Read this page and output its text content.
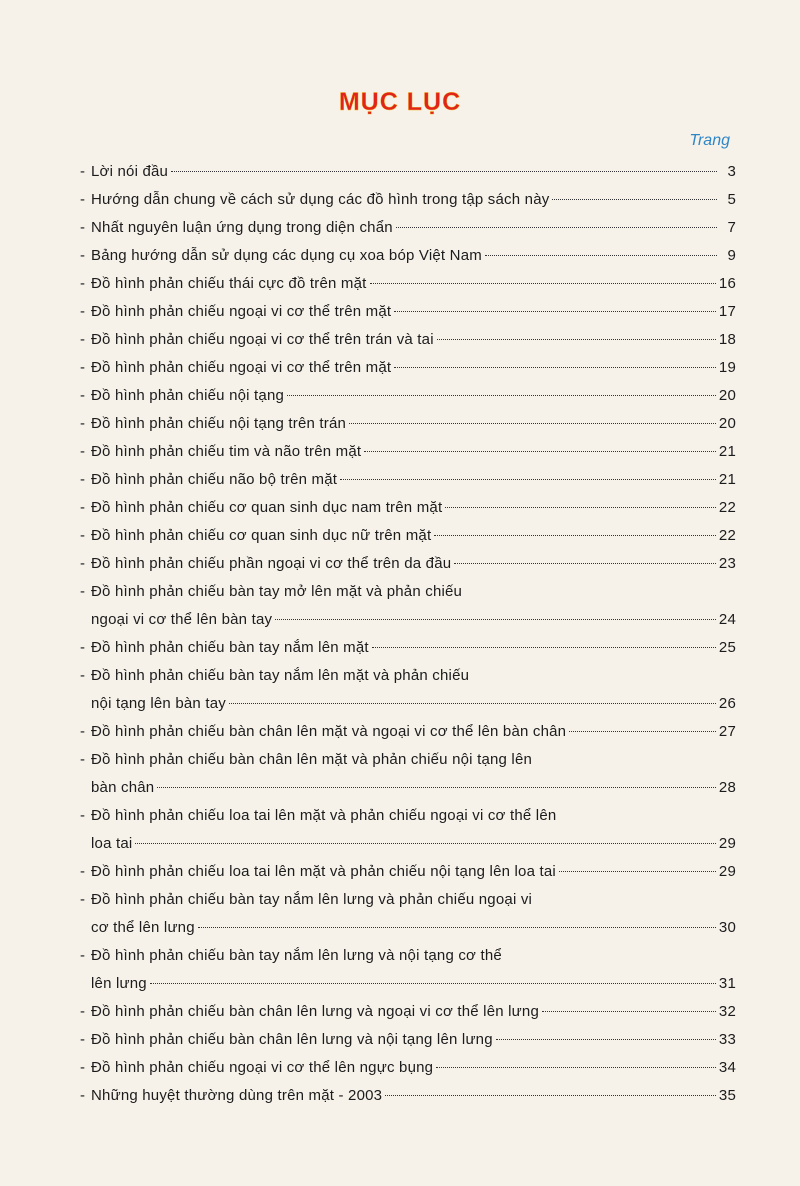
MỤC LỤC
Trang
- Lời nói đầu	3
- Hướng dẫn chung về cách sử dụng các đồ hình trong tập sách này	5
- Nhất nguyên luận ứng dụng trong diện chẩn	7
- Bảng hướng dẫn sử dụng các dụng cụ xoa bóp Việt Nam	9
- Đồ hình phản chiếu thái cực đồ trên mặt	16
- Đồ hình phản chiếu ngoại vi cơ thể trên mặt	17
- Đồ hình phản chiếu ngoại vi cơ thể trên trán và tai	18
- Đồ hình phản chiếu ngoại vi cơ thể trên mặt	19
- Đồ hình phản chiếu nội tạng	20
- Đồ hình phản chiếu nội tạng trên trán	20
- Đồ hình phản chiếu tim và não trên mặt	21
- Đồ hình phản chiếu não bộ trên mặt	21
- Đồ hình phản chiếu cơ quan sinh dục nam trên mặt	22
- Đồ hình phản chiếu cơ quan sinh dục nữ trên mặt	22
- Đồ hình phản chiếu phần ngoại vi cơ thể trên da đầu	23
- Đồ hình phản chiếu bàn tay mở lên mặt và phản chiếu
ngoại vi cơ thể lên bàn tay	24
- Đồ hình phản chiếu bàn tay nắm lên mặt	25
- Đồ hình phản chiếu bàn tay nắm lên mặt và phản chiếu
nội tạng lên bàn tay	26
- Đồ hình phản chiếu bàn chân lên mặt và ngoại vi cơ thể lên bàn chân	27
- Đồ hình phản chiếu bàn chân lên mặt và phản chiếu nội tạng lên
bàn chân	28
- Đồ hình phản chiếu loa tai lên mặt và phản chiếu ngoại vi cơ thể lên
loa tai	29
- Đồ hình phản chiếu loa tai lên mặt và phản chiếu nội tạng lên loa tai	29
- Đồ hình phản chiếu bàn tay nắm lên lưng và phản chiếu ngoại vi
cơ thể lên lưng	30
- Đồ hình phản chiếu bàn tay nắm lên lưng và nội tạng cơ thể
lên lưng	31
- Đồ hình phản chiếu bàn chân lên lưng và ngoại vi cơ thể lên lưng	32
- Đồ hình phản chiếu bàn chân lên lưng và nội tạng lên lưng	33
- Đồ hình phản chiếu ngoại vi cơ thể lên ngực bụng	34
- Những huyệt thường dùng trên mặt - 2003	35
